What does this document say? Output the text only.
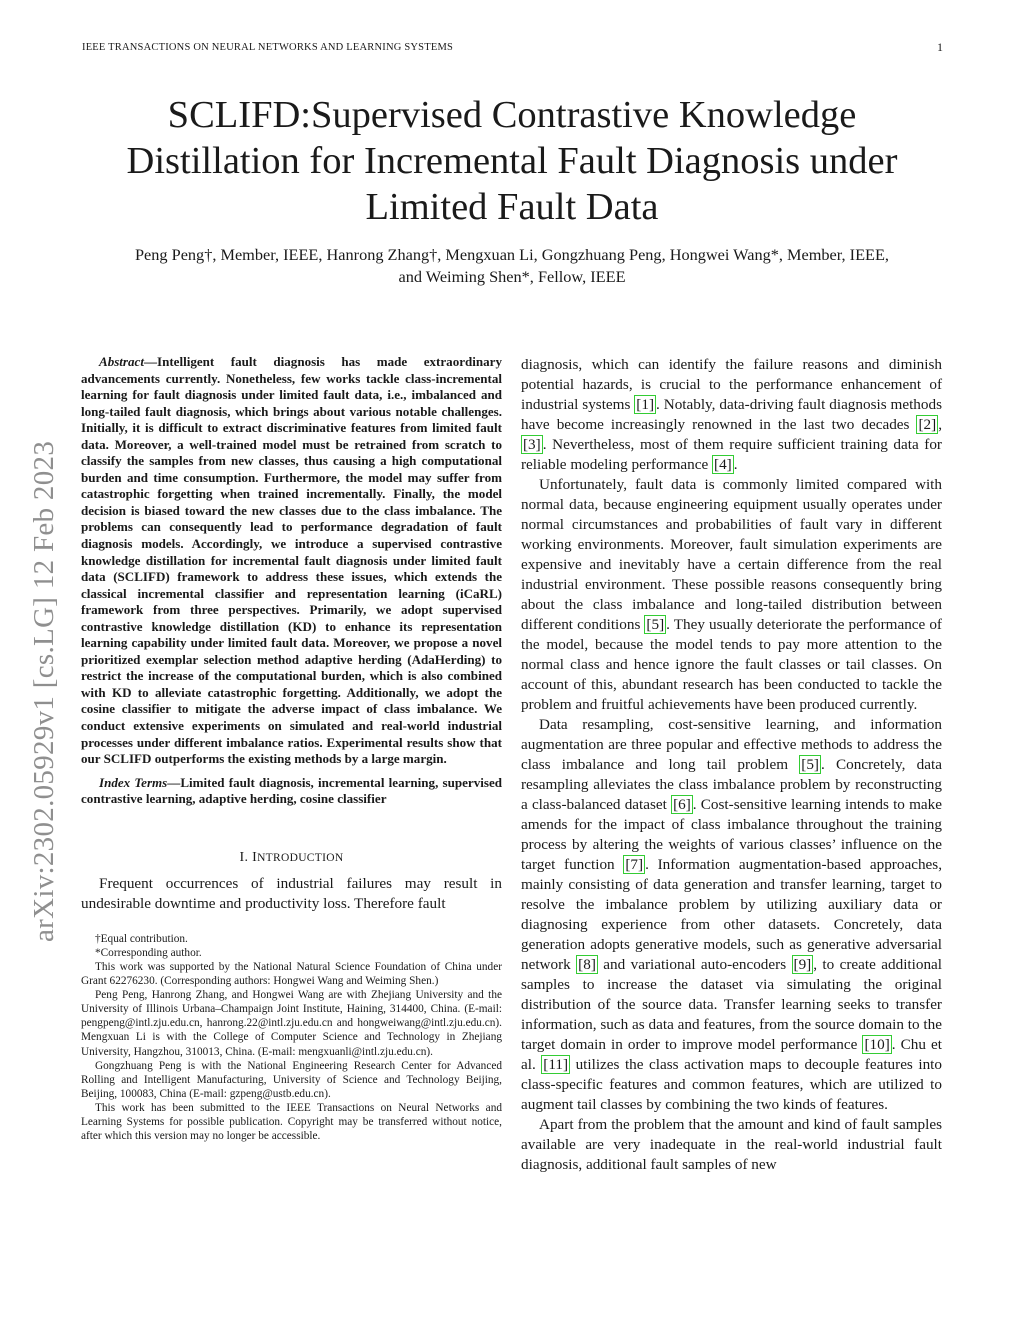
IEEE TRANSACTIONS ON NEURAL NETWORKS AND LEARNING SYSTEMS	1
SCLIFD:Supervised Contrastive Knowledge
Distillation for Incremental Fault Diagnosis under
Limited Fault Data
Peng Peng†, Member, IEEE, Hanrong Zhang†, Mengxuan Li, Gongzhuang Peng, Hongwei Wang*, Member, IEEE,
and Weiming Shen*, Fellow, IEEE
arXiv:2302.05929v1 [cs.LG] 12 Feb 2023

Abstract—Intelligent fault diagnosis has made extraordinary advancements currently. Nonetheless, few works tackle class-incremental learning for fault diagnosis under limited fault data, i.e., imbalanced and long-tailed fault diagnosis, which brings about various notable challenges. Initially, it is difficult to extract discriminative features from limited fault data. Moreover, a well-trained model must be retrained from scratch to classify the samples from new classes, thus causing a high computational burden and time consumption. Furthermore, the model may suffer from catastrophic forgetting when trained incrementally. Finally, the model decision is biased toward the new classes due to the class imbalance. The problems can consequently lead to performance degradation of fault diagnosis models. Accordingly, we introduce a supervised contrastive knowledge distillation for incremental fault diagnosis under limited fault data (SCLIFD) framework to address these issues, which extends the classical incremental classifier and representation learning (iCaRL) framework from three perspectives. Primarily, we adopt supervised contrastive knowledge distillation (KD) to enhance its representation learning capability under limited fault data. Moreover, we propose a novel prioritized exemplar selection method adaptive herding (AdaHerding) to restrict the increase of the computational burden, which is also combined with KD to alleviate catastrophic forgetting. Additionally, we adopt the cosine classifier to mitigate the adverse impact of class imbalance. We conduct extensive experiments on simulated and real-world industrial processes under different imbalance ratios. Experimental results show that our SCLIFD outperforms the existing methods by a large margin.

Index Terms—Limited fault diagnosis, incremental learning, supervised contrastive learning, adaptive herding, cosine classifier

I. INTRODUCTION

Frequent occurrences of industrial failures may result in undesirable downtime and productivity loss. Therefore fault

†Equal contribution.

*Corresponding author.

This work was supported by the National Natural Science Foundation of China under Grant 62276230. (Corresponding authors: Hongwei Wang and Weiming Shen.)

Peng Peng, Hanrong Zhang, and Hongwei Wang are with Zhejiang University and the University of Illinois Urbana–Champaign Joint Institute, Haining, 314400, China. (E-mail: pengpeng@intl.zju.edu.cn, hanrong.22@intl.zju.edu.cn and hongweiwang@intl.zju.edu.cn). Mengxuan Li is with the College of Computer Science and Technology in Zhejiang University, Hangzhou, 310013, China. (E-mail: mengxuanli@intl.zju.edu.cn).

Gongzhuang Peng is with the National Engineering Research Center for Advanced Rolling and Intelligent Manufacturing, University of Science and Technology Beijing, Beijing, 100083, China (E-mail: gzpeng@ustb.edu.cn).

This work has been submitted to the IEEE Transactions on Neural Networks and Learning Systems for possible publication. Copyright may be transferred without notice, after which this version may no longer be accessible.

diagnosis, which can identify the failure reasons and diminish potential hazards, is crucial to the performance enhancement of industrial systems [1] . Notably, data-driving fault diagnosis methods have become increasingly renowned in the last two decades [2] , [3] . Nevertheless, most of them require sufficient training data for reliable modeling performance [4] .

Unfortunately, fault data is commonly limited compared with normal data, because engineering equipment usually operates under normal circumstances and probabilities of fault vary in different working environments. Moreover, fault simulation experiments are expensive and inevitably have a certain difference from the real industrial environment. These possible reasons consequently bring about the class imbalance and long-tailed distribution between different conditions [5] . They usually deteriorate the performance of the model, because the model tends to pay more attention to the normal class and hence ignore the fault classes or tail classes. On account of this, abundant research has been conducted to tackle the problem and fruitful achievements have been produced currently.

Data resampling, cost-sensitive learning, and information augmentation are three popular and effective methods to address the class imbalance and long tail problem [5] . Concretely, data resampling alleviates the class imbalance problem by reconstructing a class-balanced dataset [6] . Cost-sensitive learning intends to make amends for the impact of class imbalance throughout the training process by altering the weights of various classes’ influence on the target function [7] . Information augmentation-based approaches, mainly consisting of data generation and transfer learning, target to resolve the imbalance problem by utilizing auxiliary data or diagnosing experience from other datasets. Concretely, data generation adopts generative models, such as generative adversarial network [8] and variational auto-encoders [9] , to create additional samples to increase the dataset via simulating the original distribution of the source data. Transfer learning seeks to transfer information, such as data and features, from the source domain to the target domain in order to improve model performance [10] . Chu et al. [11] utilizes the class activation maps to decouple features into class-specific features and common features, which are utilized to augment tail classes by combining the two kinds of features.

Apart from the problem that the amount and kind of fault samples available are very inadequate in the real-world industrial fault diagnosis, additional fault samples of new
